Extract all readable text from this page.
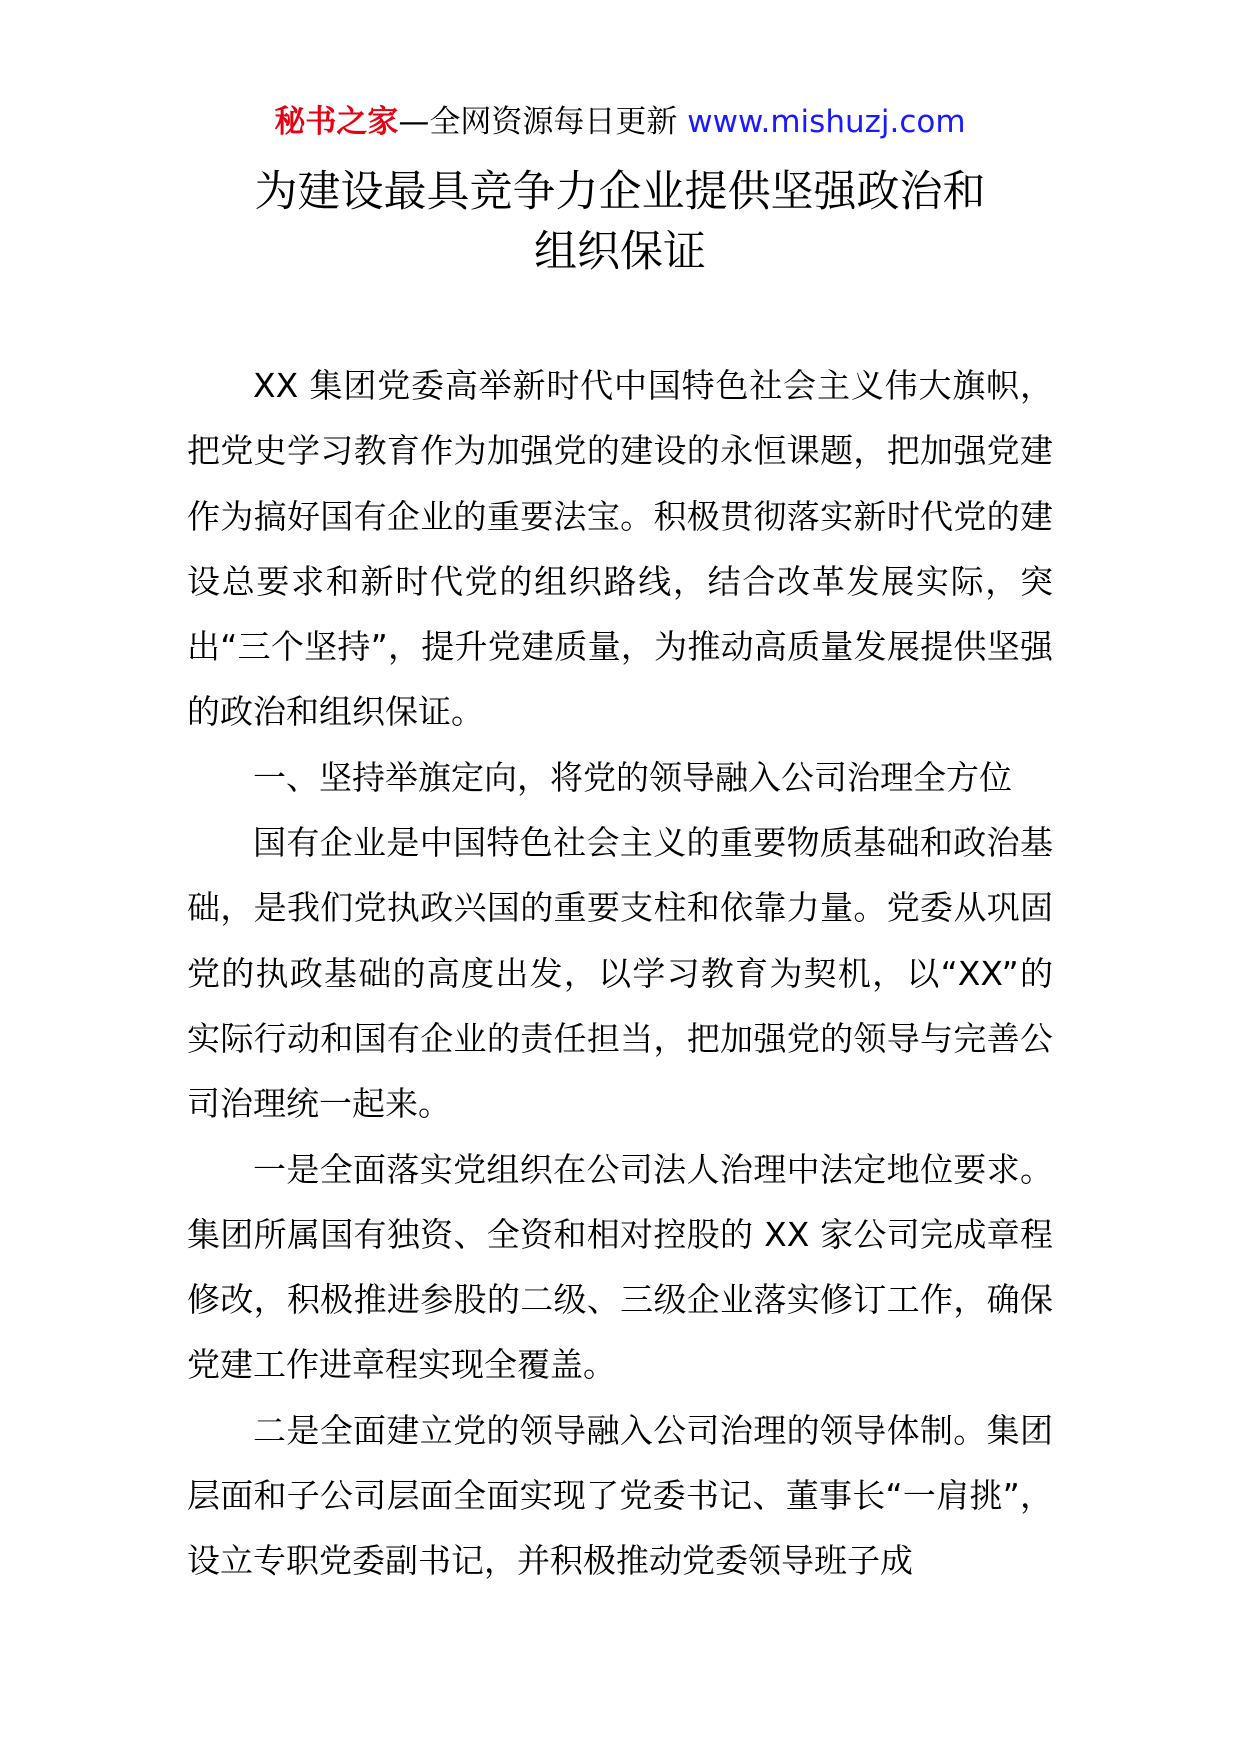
秘书之家—全网资源每日更新 www.mishuzj.com
为建设最具竞争力企业提供坚强政治和
组织保证

XX 集团党委高举新时代中国特色社会主义伟大旗帜，把党史学习教育作为加强党的建设的永恒课题，把加强党建作为搞好国有企业的重要法宝。积极贯彻落实新时代党的建设总要求和新时代党的组织路线，结合改革发展实际，突出“三个坚持”，提升党建质量，为推动高质量发展提供坚强的政治和组织保证。

一、坚持举旗定向，将党的领导融入公司治理全方位

国有企业是中国特色社会主义的重要物质基础和政治基础，是我们党执政兴国的重要支柱和依靠力量。党委从巩固党的执政基础的高度出发，以学习教育为契机，以“XX”的实际行动和国有企业的责任担当，把加强党的领导与完善公司治理统一起来。

一是全面落实党组织在公司法人治理中法定地位要求。集团所属国有独资、全资和相对控股的 XX 家公司完成章程修改，积极推进参股的二级、三级企业落实修订工作，确保党建工作进章程实现全覆盖。

二是全面建立党的领导融入公司治理的领导体制。集团层面和子公司层面全面实现了党委书记、董事长“一肩挑”，设立专职党委副书记，并积极推动党委领导班子成
